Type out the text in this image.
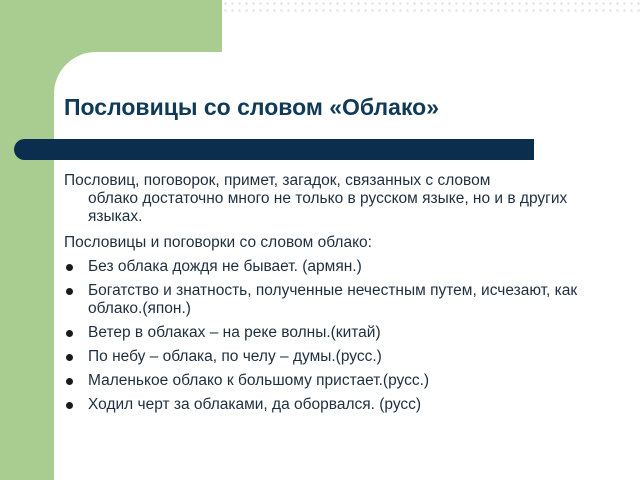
Пословицы со словом «Облако»

Пословиц, поговорок, примет, загадок, связанных с словом
облако достаточно много не только в русском языке, но и в других языках.

Пословицы и поговорки со словом облако:

Без облака дождя не бывает. (армян.)
Богатство и знатность, полученные нечестным путем, исчезают, как облако.(япон.)
Ветер в облаках – на реке волны.(китай)
По небу – облака, по челу – думы.(русс.)
Маленькое облако к большому пристает.(русс.)
Ходил черт за облаками, да оборвался. (русс)
